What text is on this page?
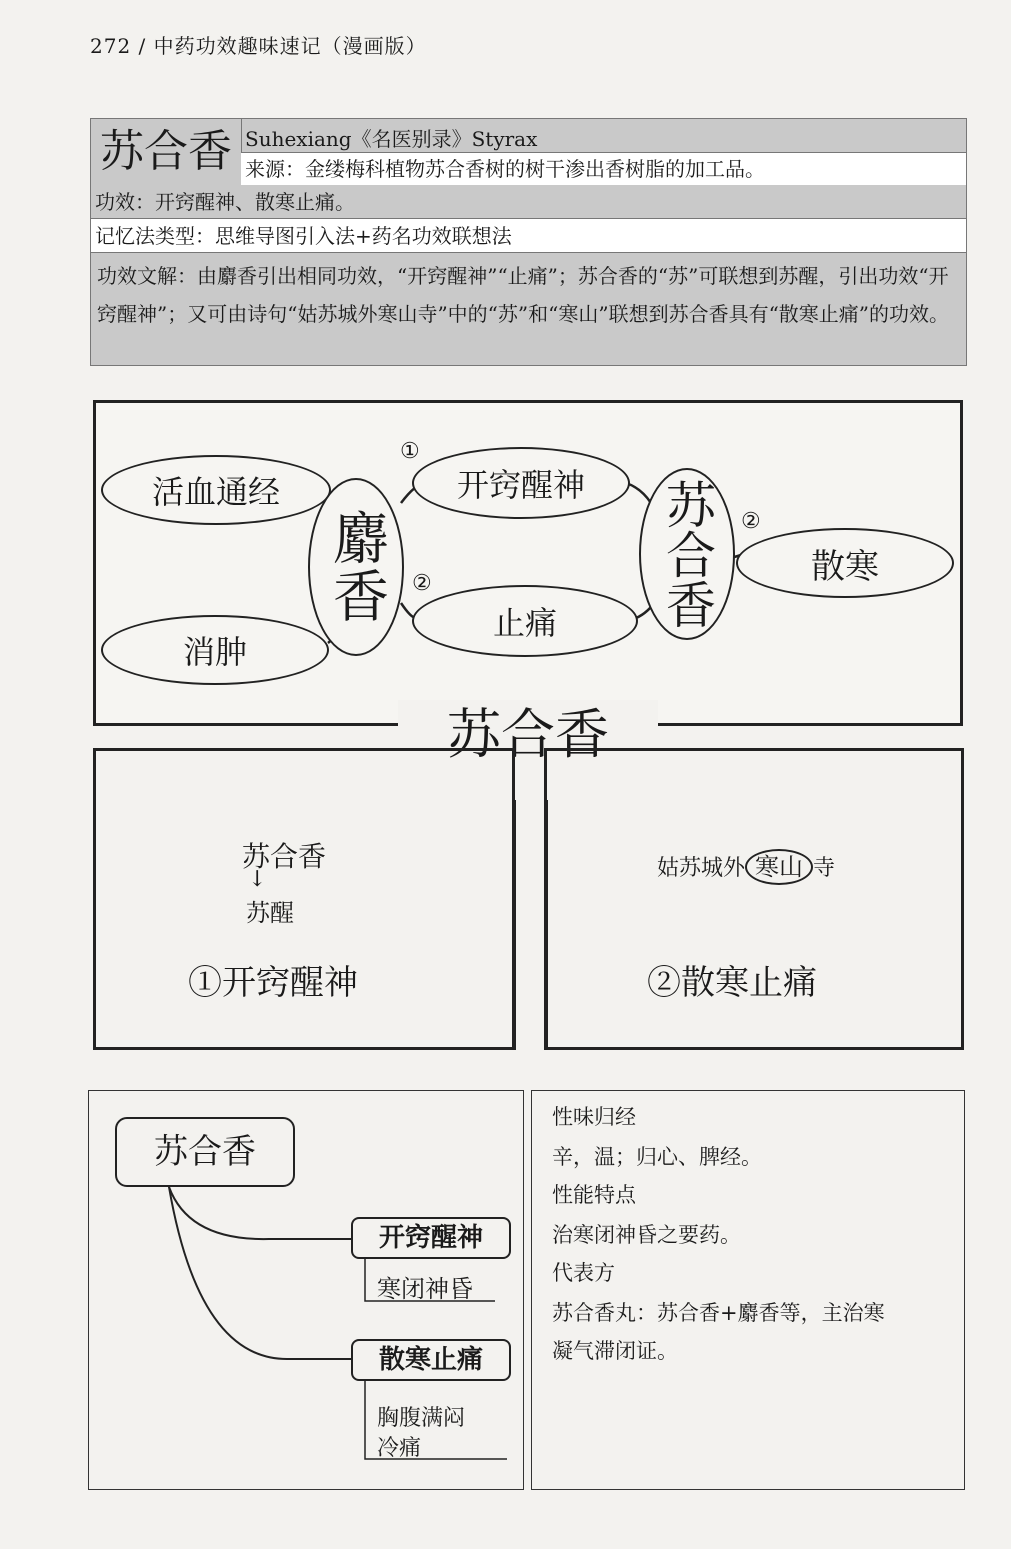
272 / 中药功效趣味速记（漫画版）
苏合香 Suhexiang《名医别录》Styrax
来源：金缕梅科植物苏合香树的树干渗出香树脂的加工品。
功效：开窍醒神、散寒止痛。
记忆法类型：思维导图引入法+药名功效联想法
功效文解：由麝香引出相同功效，“开窍醒神”“止痛”；苏合香的“苏”可联想到苏醒，引出功效“开窍醒神”；又可由诗句“姑苏城外寒山寺”中的“苏”和“寒山”联想到苏合香具有“散寒止痛”的功效。
活血通经
消肿
麝香
开窍醒神
止痛	苏合香	散寒
①
②
②
苏合香
苏合香
↓
苏醒
①开窍醒神
姑苏城外 寒山 寺
②散寒止痛
苏合香
开窍醒神
寒闭神昏
散寒止痛
胸腹满闷
冷痛
性味归经
辛，温；归心、脾经。
性能特点
治寒闭神昏之要药。
代表方
苏合香丸：苏合香+麝香等，主治寒
凝气滞闭证。
